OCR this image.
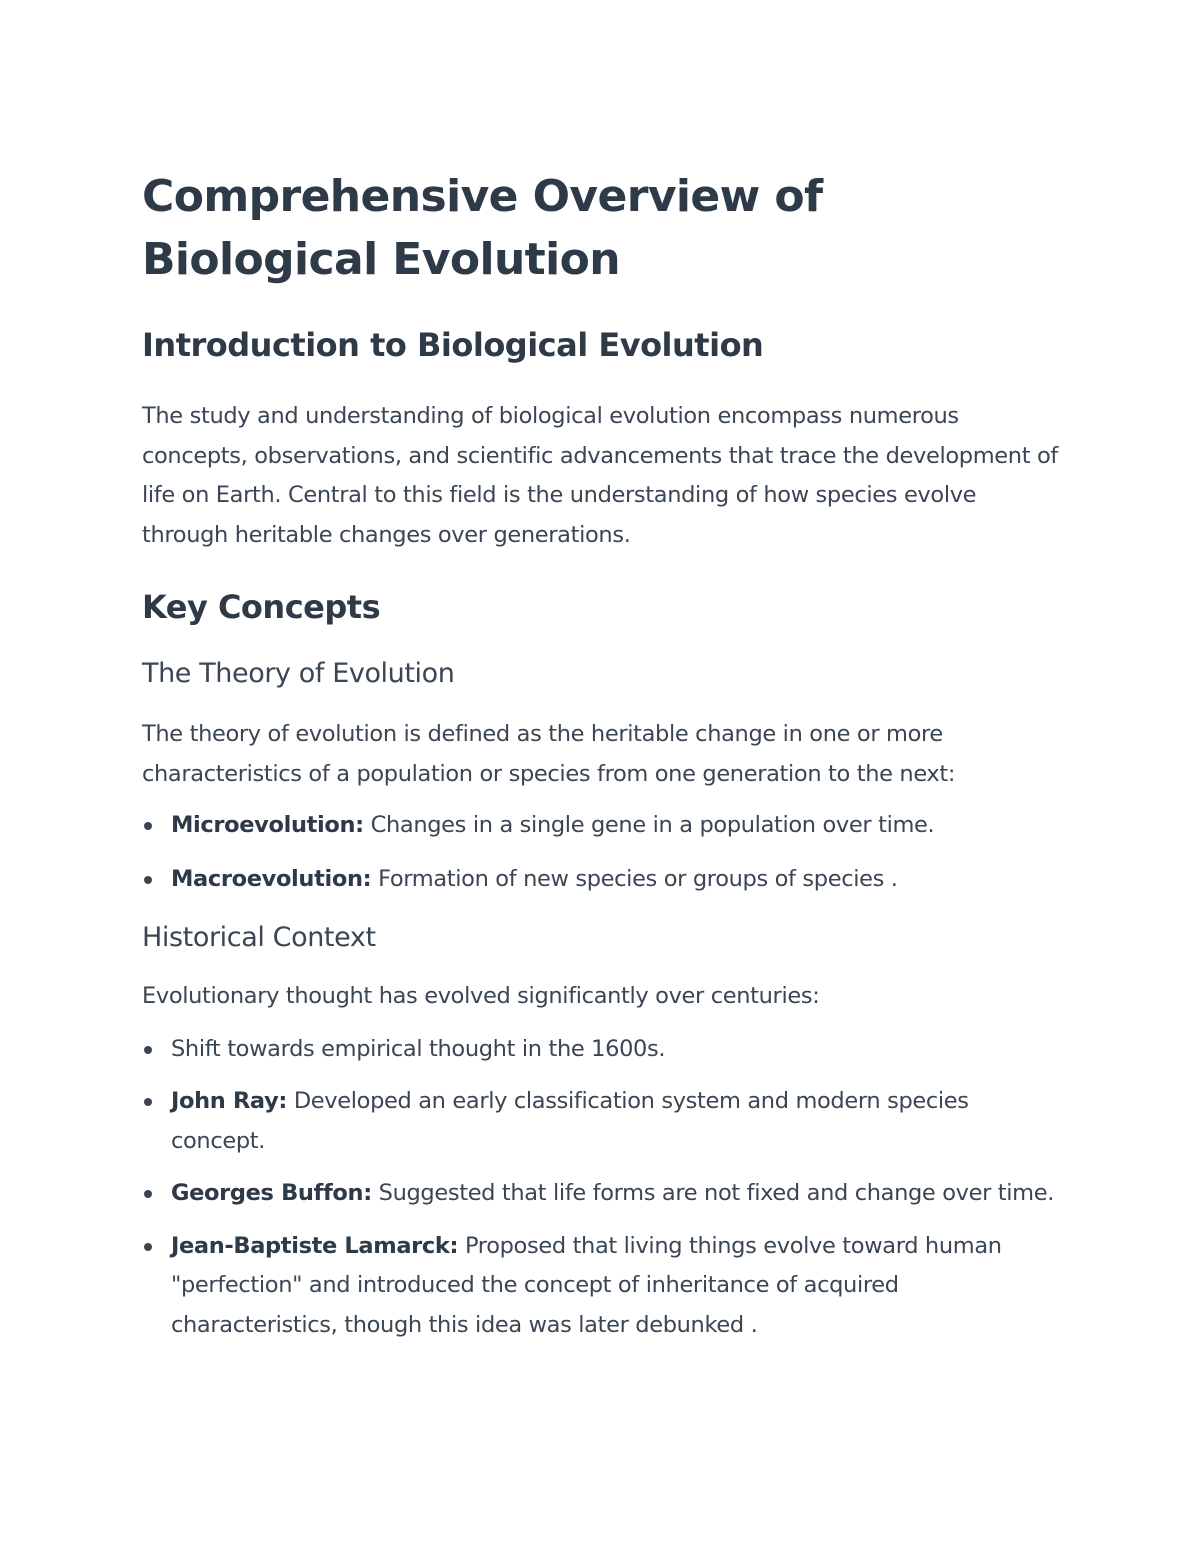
Comprehensive Overview of Biological Evolution
Introduction to Biological Evolution

The study and understanding of biological evolution encompass numerous concepts, observations, and scientific advancements that trace the development of life on Earth. Central to this field is the understanding of how species evolve through heritable changes over generations.

Key Concepts
The Theory of Evolution

The theory of evolution is defined as the heritable change in one or more characteristics of a population or species from one generation to the next:

Microevolution: Changes in a single gene in a population over time.
Macroevolution: Formation of new species or groups of species .
Historical Context

Evolutionary thought has evolved significantly over centuries:

Shift towards empirical thought in the 1600s.
John Ray: Developed an early classification system and modern species concept.
Georges Buffon: Suggested that life forms are not fixed and change over time.
Jean-Baptiste Lamarck: Proposed that living things evolve toward human "perfection" and introduced the concept of inheritance of acquired characteristics, though this idea was later debunked .
